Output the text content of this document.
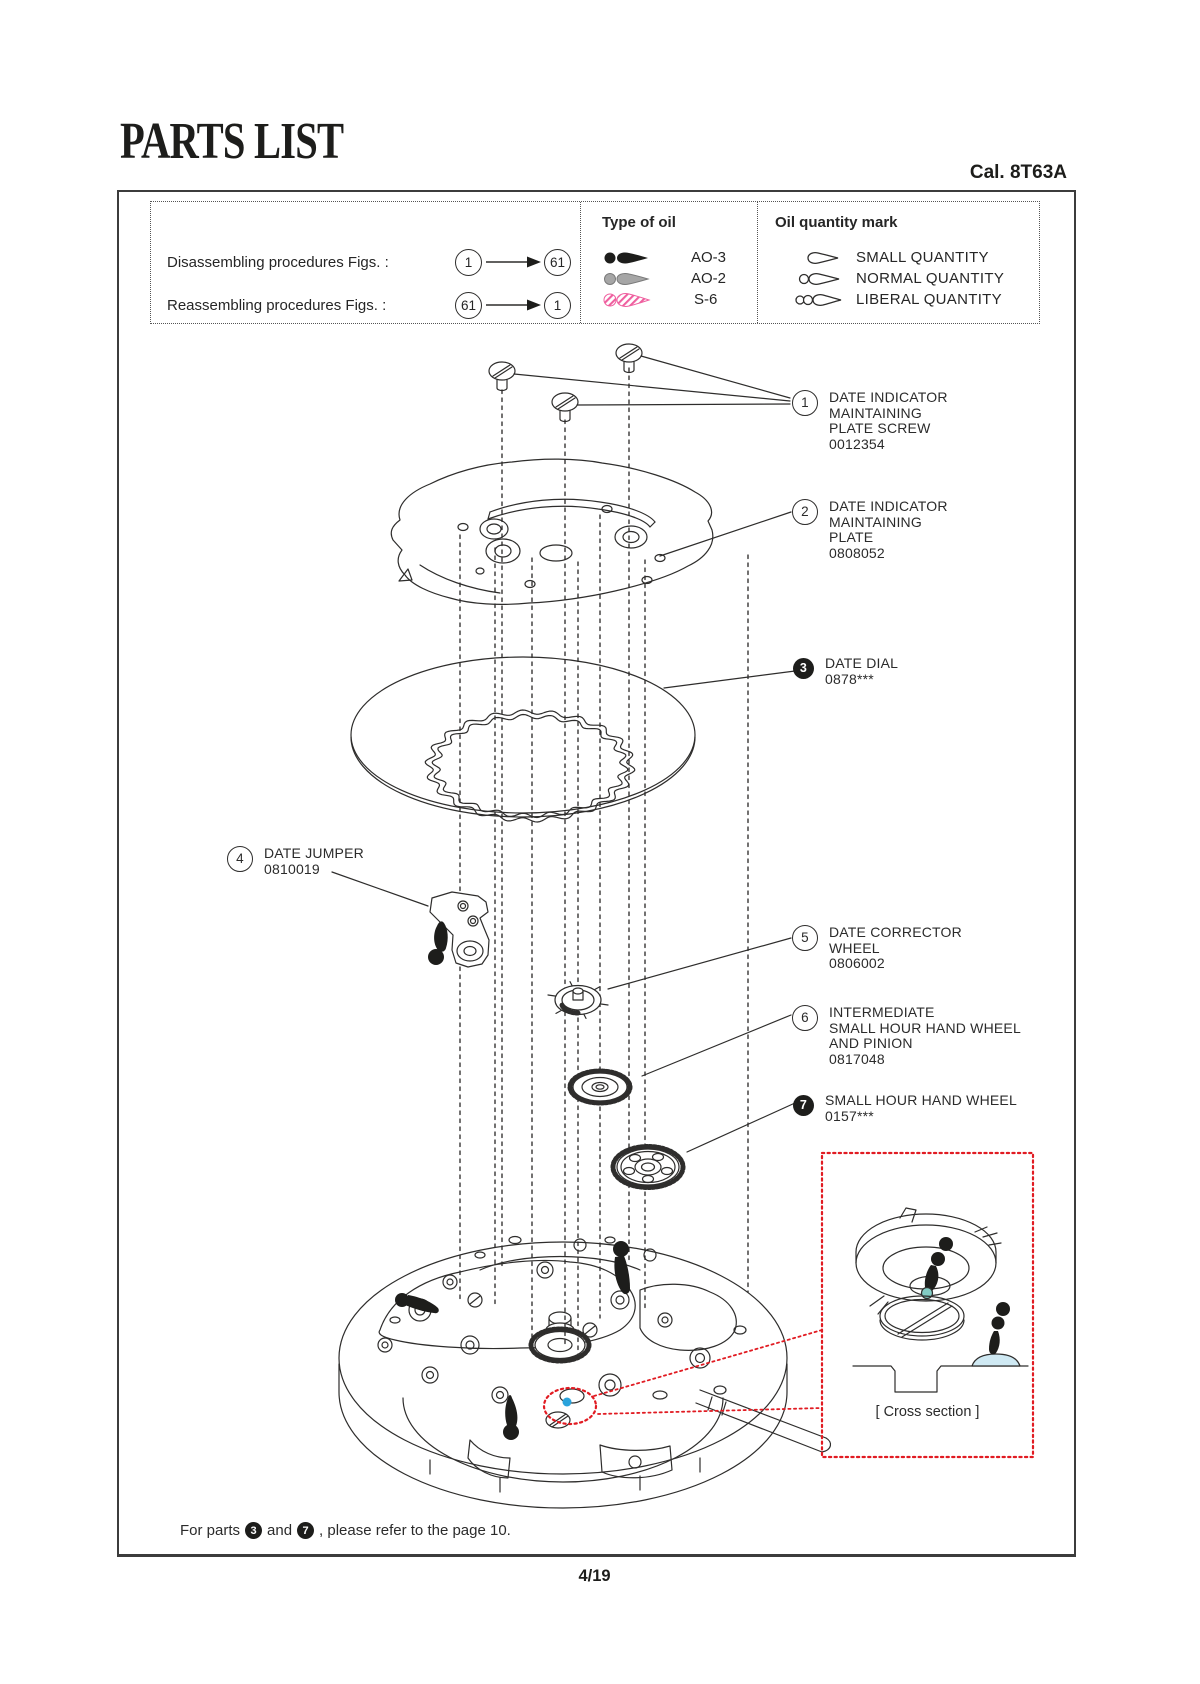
PARTS LIST
Cal. 8T63A
Disassembling procedures Figs. :	1	61
Reassembling procedures Figs. :	61	1
Type of oil
AO-3
AO-2
S-6
Oil quantity mark
SMALL QUANTITY
NORMAL QUANTITY
LIBERAL QUANTITY
1	DATE INDICATOR
MAINTAINING
PLATE SCREW
0012354
2	DATE INDICATOR
MAINTAINING
PLATE
0808052
3	DATE DIAL
0878***
4	DATE JUMPER
0810019
5	DATE CORRECTOR
WHEEL
0806002
6	INTERMEDIATE
SMALL HOUR HAND WHEEL
AND PINION
0817048
7	SMALL HOUR HAND WHEEL
0157***
[ Cross section ]
For parts 3 and 7 , please refer to the page 10.
4/19
